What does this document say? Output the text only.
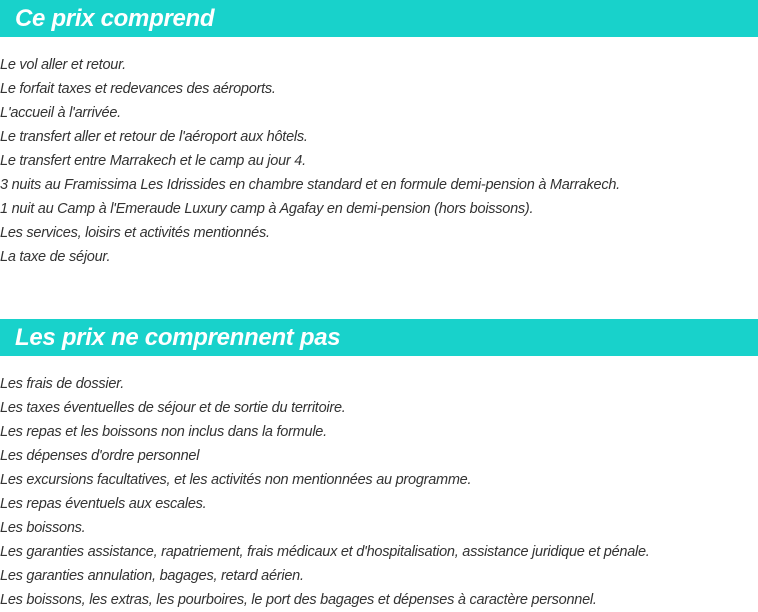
Ce prix comprend
Le vol aller et retour.
Le forfait taxes et redevances des aéroports.
L'accueil à l'arrivée.
Le transfert aller et retour de l'aéroport aux hôtels.
Le transfert entre Marrakech et le camp au jour 4.
3 nuits au Framissima Les Idrissides en chambre standard et en formule demi-pension à Marrakech.
1 nuit au Camp à l'Emeraude Luxury camp à Agafay en demi-pension (hors boissons).
Les services, loisirs et activités mentionnés.
La taxe de séjour.
Les prix ne comprennent pas
Les frais de dossier.
Les taxes éventuelles de séjour et de sortie du territoire.
Les repas et les boissons non inclus dans la formule.
Les dépenses d'ordre personnel
Les excursions facultatives, et les activités non mentionnées au programme.
Les repas éventuels aux escales.
Les boissons.
Les garanties assistance, rapatriement, frais médicaux et d'hospitalisation, assistance juridique et pénale.
Les garanties annulation, bagages, retard aérien.
Les boissons, les extras, les pourboires, le port des bagages et dépenses à caractère personnel.
